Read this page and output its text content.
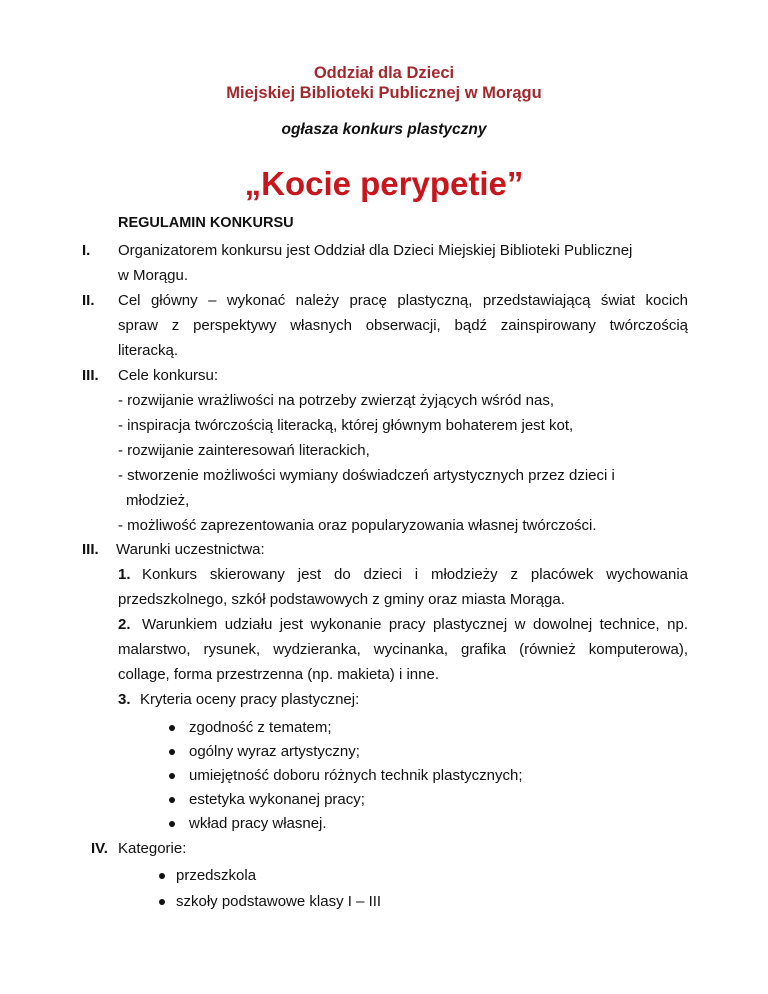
Oddział dla Dzieci
Miejskiej Biblioteki Publicznej w Morągu
ogłasza konkurs plastyczny
„Kocie perypetie”
REGULAMIN KONKURSU
I. Organizatorem konkursu jest Oddział dla Dzieci Miejskiej Biblioteki Publicznej
w Morągu.
II. Cel główny – wykonać należy pracę plastyczną, przedstawiającą świat kocich
spraw z perspektywy własnych obserwacji, bądź zainspirowany twórczością
literacką.
III. Cele konkursu:
- rozwijanie wrażliwości na potrzeby zwierząt żyjących wśród nas,
- inspiracja twórczością literacką, której głównym bohaterem jest kot,
- rozwijanie zainteresowań literackich,
- stworzenie możliwości wymiany doświadczeń artystycznych przez dzieci i
młodzież,
- możliwość zaprezentowania oraz popularyzowania własnej twórczości.
III. Warunki uczestnictwa:
1. Konkurs skierowany jest do dzieci i młodzieży z placówek wychowania
przedszkolnego, szkół podstawowych z gminy oraz miasta Morąga.
2. Warunkiem udziału jest wykonanie pracy plastycznej w dowolnej technice, np.
malarstwo, rysunek, wydzieranka, wycinanka, grafika (również komputerowa),
collage, forma przestrzenna (np. makieta) i inne.
3. Kryteria oceny pracy plastycznej:
zgodność z tematem;
ogólny wyraz artystyczny;
umiejętność doboru różnych technik plastycznych;
estetyka wykonanej pracy;
wkład pracy własnej.
IV. Kategorie:
przedszkola
szkoły podstawowe klasy I – III
